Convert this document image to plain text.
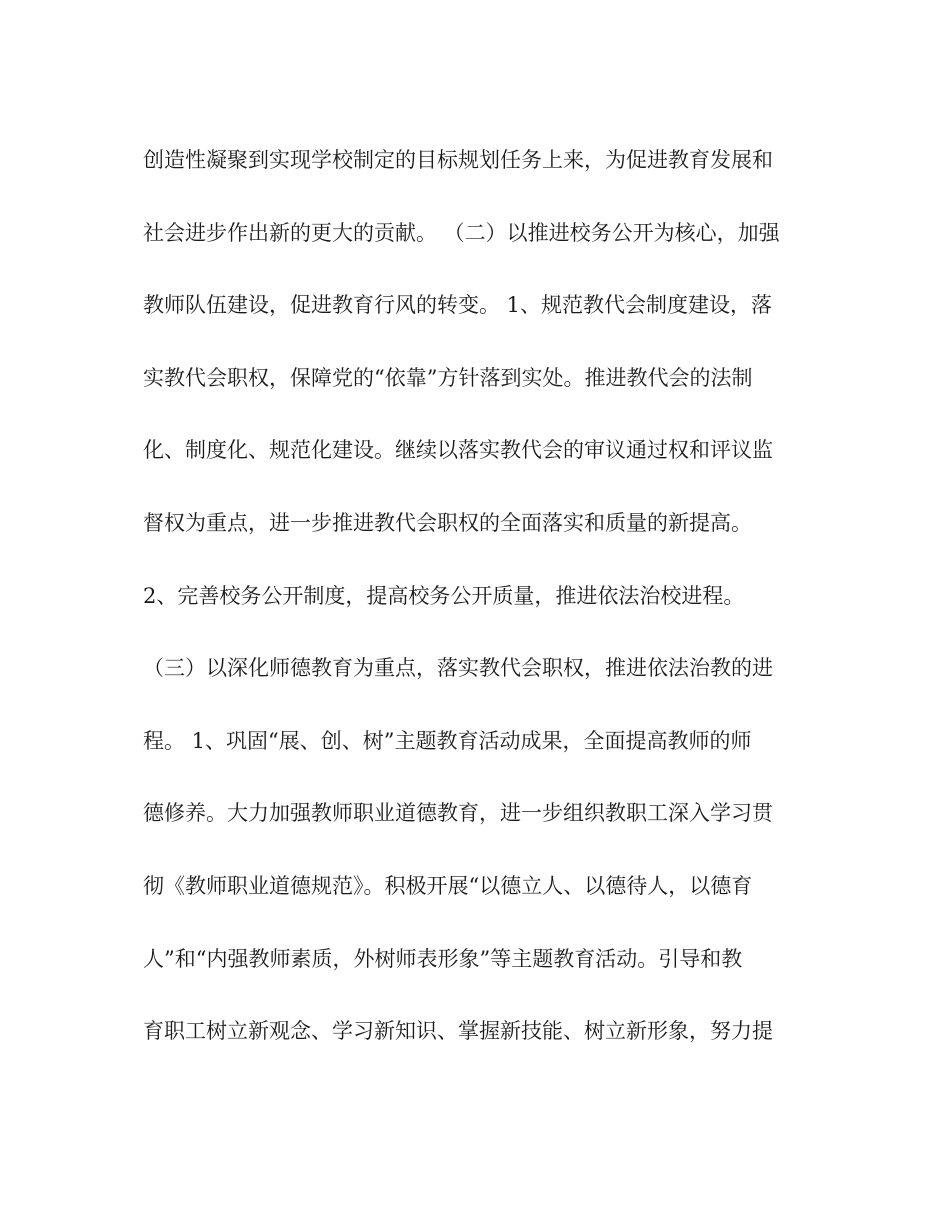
创造性凝聚到实现学校制定的目标规划任务上来，为促进教育发展和
社会进步作出新的更大的贡献。 （二）以推进校务公开为核心，加强
教师队伍建设，促进教育行风的转变。 1、规范教代会制度建设，落
实教代会职权，保障党的“依靠”方针落到实处。推进教代会的法制
化、制度化、规范化建设。继续以落实教代会的审议通过权和评议监
督权为重点，进一步推进教代会职权的全面落实和质量的新提高。
2、完善校务公开制度，提高校务公开质量，推进依法治校进程。
（三）以深化师德教育为重点，落实教代会职权，推进依法治教的进
程。 1、巩固“展、创、树”主题教育活动成果，全面提高教师的师
德修养。大力加强教师职业道德教育，进一步组织教职工深入学习贯
彻《教师职业道德规范》。积极开展“以德立人、以德待人，以德育
人”和“内强教师素质，外树师表形象”等主题教育活动。引导和教
育职工树立新观念、学习新知识、掌握新技能、树立新形象，努力提
